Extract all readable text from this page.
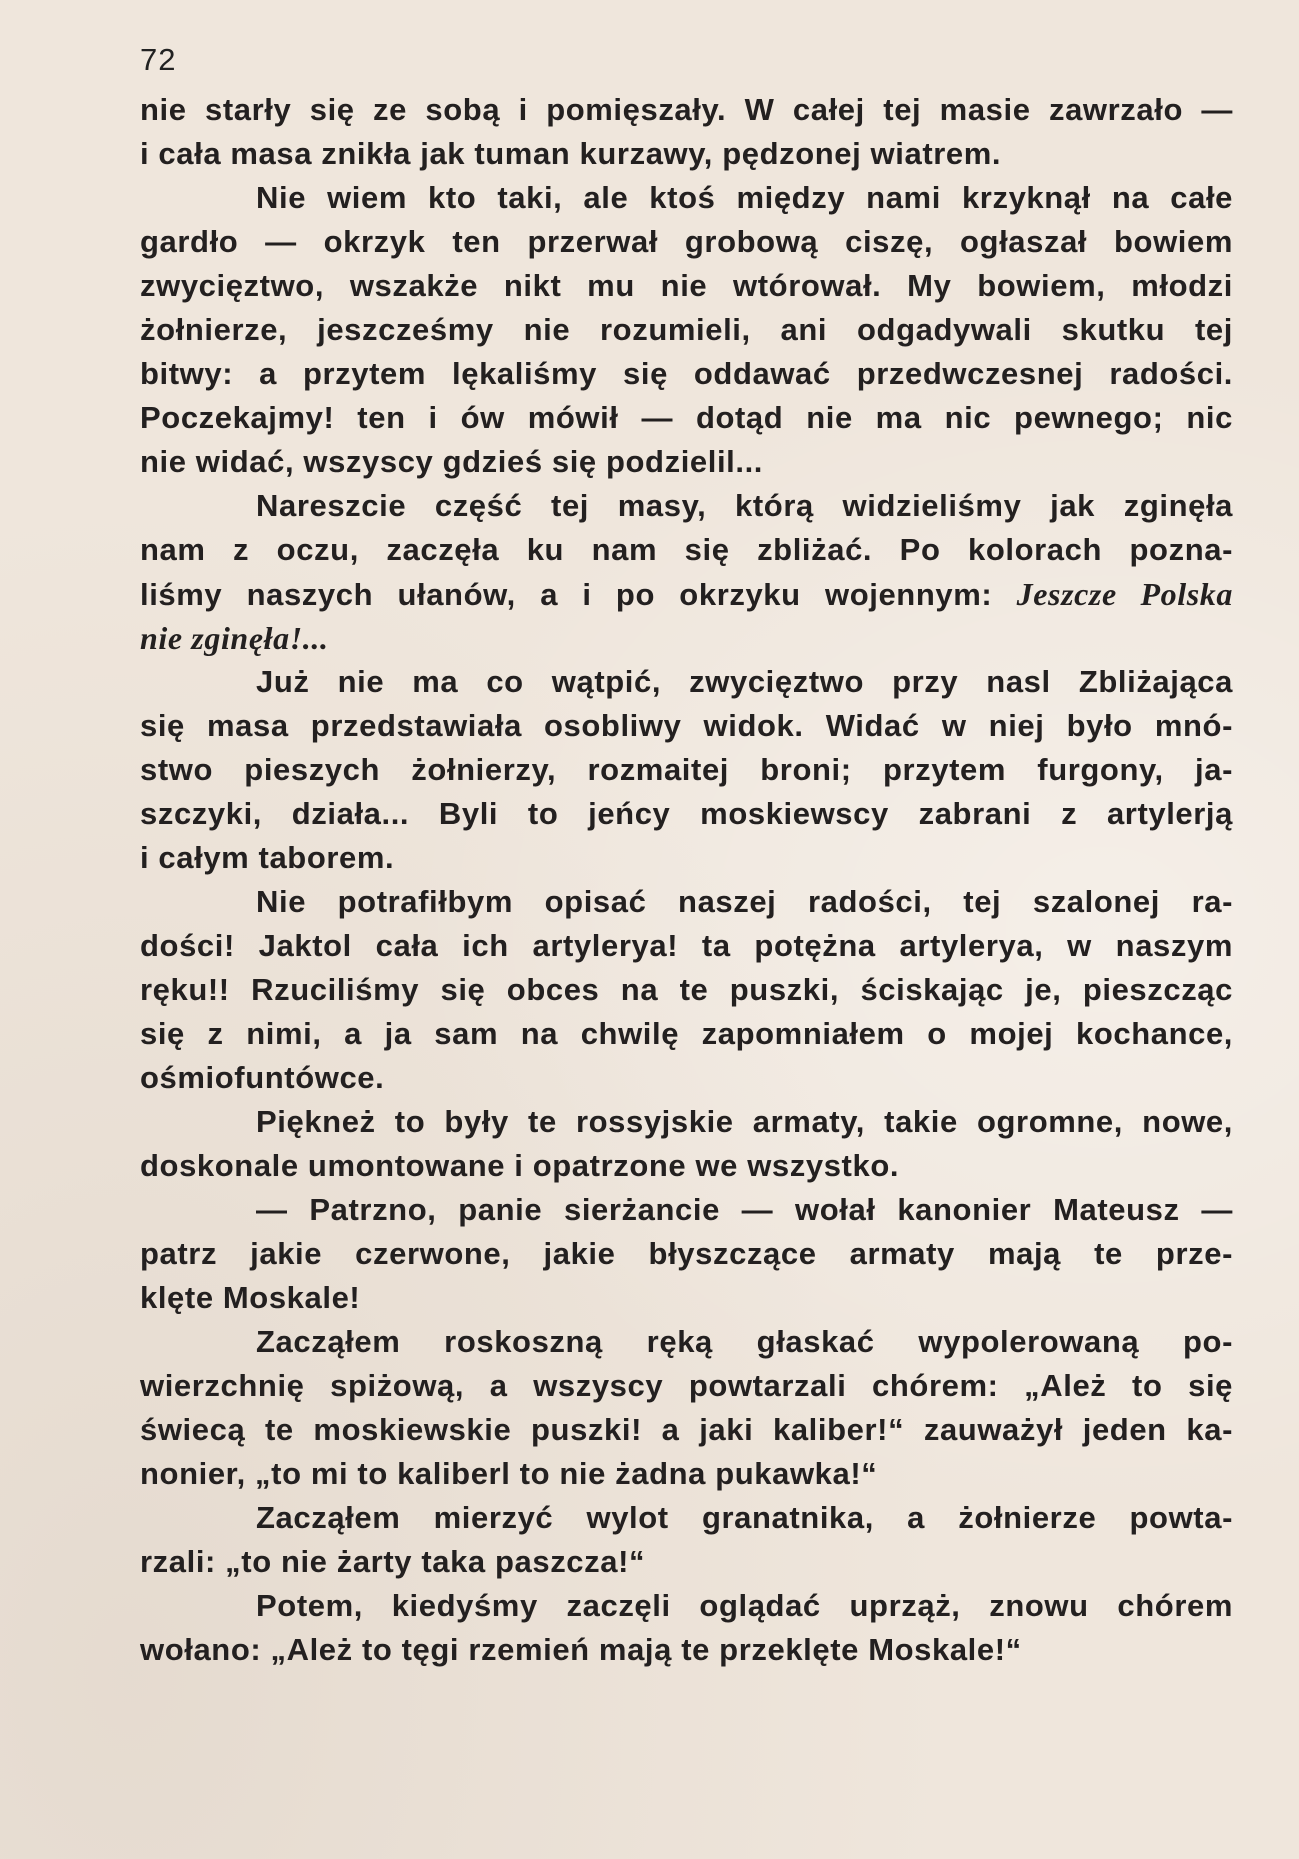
72
nie starły się ze sobą i pomięszały. W całej tej masie zawrzało —
i cała masa znikła jak tuman kurzawy, pędzonej wiatrem.
Nie wiem kto taki, ale ktoś między nami krzyknął na całe
gardło — okrzyk ten przerwał grobową ciszę, ogłaszał bowiem
zwycięztwo, wszakże nikt mu nie wtórował. My bowiem, młodzi
żołnierze, jeszcześmy nie rozumieli, ani odgadywali skutku tej
bitwy: a przytem lękaliśmy się oddawać przedwczesnej radości.
Poczekajmy! ten i ów mówił — dotąd nie ma nic pewnego; nic
nie widać, wszyscy gdzieś się podzielil...
Nareszcie część tej masy, którą widzieliśmy jak zginęła
nam z oczu, zaczęła ku nam się zbliżać. Po kolorach pozna-
liśmy naszych ułanów, a i po okrzyku wojennym: Jeszcze Polska
nie zginęła!...
Już nie ma co wątpić, zwycięztwo przy nasl Zbliżająca
się masa przedstawiała osobliwy widok. Widać w niej było mnó-
stwo pieszych żołnierzy, rozmaitej broni; przytem furgony, ja-
szczyki, działa... Byli to jeńcy moskiewscy zabrani z artylerją
i całym taborem.
Nie potrafiłbym opisać naszej radości, tej szalonej ra-
dości! Jaktol cała ich artylerya! ta potężna artylerya, w naszym
ręku!! Rzuciliśmy się obces na te puszki, ściskając je, pieszcząc
się z nimi, a ja sam na chwilę zapomniałem o mojej kochance,
ośmiofuntówce.
Piękneż to były te rossyjskie armaty, takie ogromne, nowe,
doskonale umontowane i opatrzone we wszystko.
— Patrzno, panie sierżancie — wołał kanonier Mateusz —
patrz jakie czerwone, jakie błyszczące armaty mają te prze-
klęte Moskale!
Zacząłem roskoszną ręką głaskać wypolerowaną po-
wierzchnię spiżową, a wszyscy powtarzali chórem: „Ależ to się
świecą te moskiewskie puszki! a jaki kaliber!“ zauważył jeden ka-
nonier, „to mi to kaliberl to nie żadna pukawka!“
Zacząłem mierzyć wylot granatnika, a żołnierze powta-
rzali: „to nie żarty taka paszcza!“
Potem, kiedyśmy zaczęli oglądać uprząż, znowu chórem
wołano: „Ależ to tęgi rzemień mają te przeklęte Moskale!“
